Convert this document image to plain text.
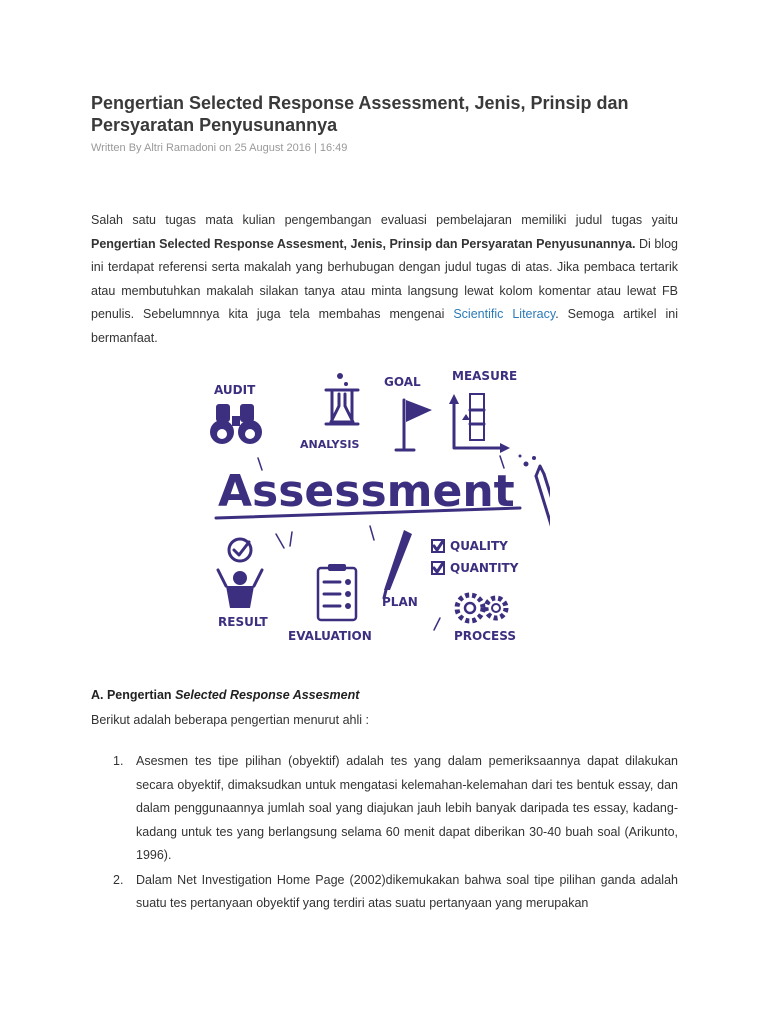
Pengertian Selected Response Assessment, Jenis, Prinsip dan Persyaratan Penyusunannya
Written By Altri Ramadoni on 25 August 2016 | 16:49

Salah satu tugas mata kulian pengembangan evaluasi pembelajaran memiliki judul tugas yaitu Pengertian Selected Response Assesment, Jenis, Prinsip dan Persyaratan Penyusunannya. Di blog ini terdapat referensi serta makalah yang berhubugan dengan judul tugas di atas. Jika pembaca tertarik atau membutuhkan makalah silakan tanya atau minta langsung lewat kolom komentar atau lewat FB penulis. Sebelumnnya kita juga tela membahas mengenai Scientific Literacy. Semoga artikel ini bermanfaat.

AUDIT
ANALYSIS
GOAL	MEASURE
QUALITY
QUANTITY
PLAN
RESULT
EVALUATION	PROCESS
Assessment

A. Pengertian Selected Response Assesment

Berikut adalah beberapa pengertian menurut ahli :

1. Asesmen tes tipe pilihan (obyektif) adalah tes yang dalam pemeriksaannya dapat dilakukan secara obyektif, dimaksudkan untuk mengatasi kelemahan-kelemahan dari tes bentuk essay, dan dalam penggunaannya jumlah soal yang diajukan jauh lebih banyak daripada tes essay, kadang-kadang untuk tes yang berlangsung selama 60 menit dapat diberikan 30-40 buah soal (Arikunto, 1996).
2. Dalam Net Investigation Home Page (2002)dikemukakan bahwa soal tipe pilihan ganda adalah suatu tes pertanyaan obyektif yang terdiri atas suatu pertanyaan yang merupakan
